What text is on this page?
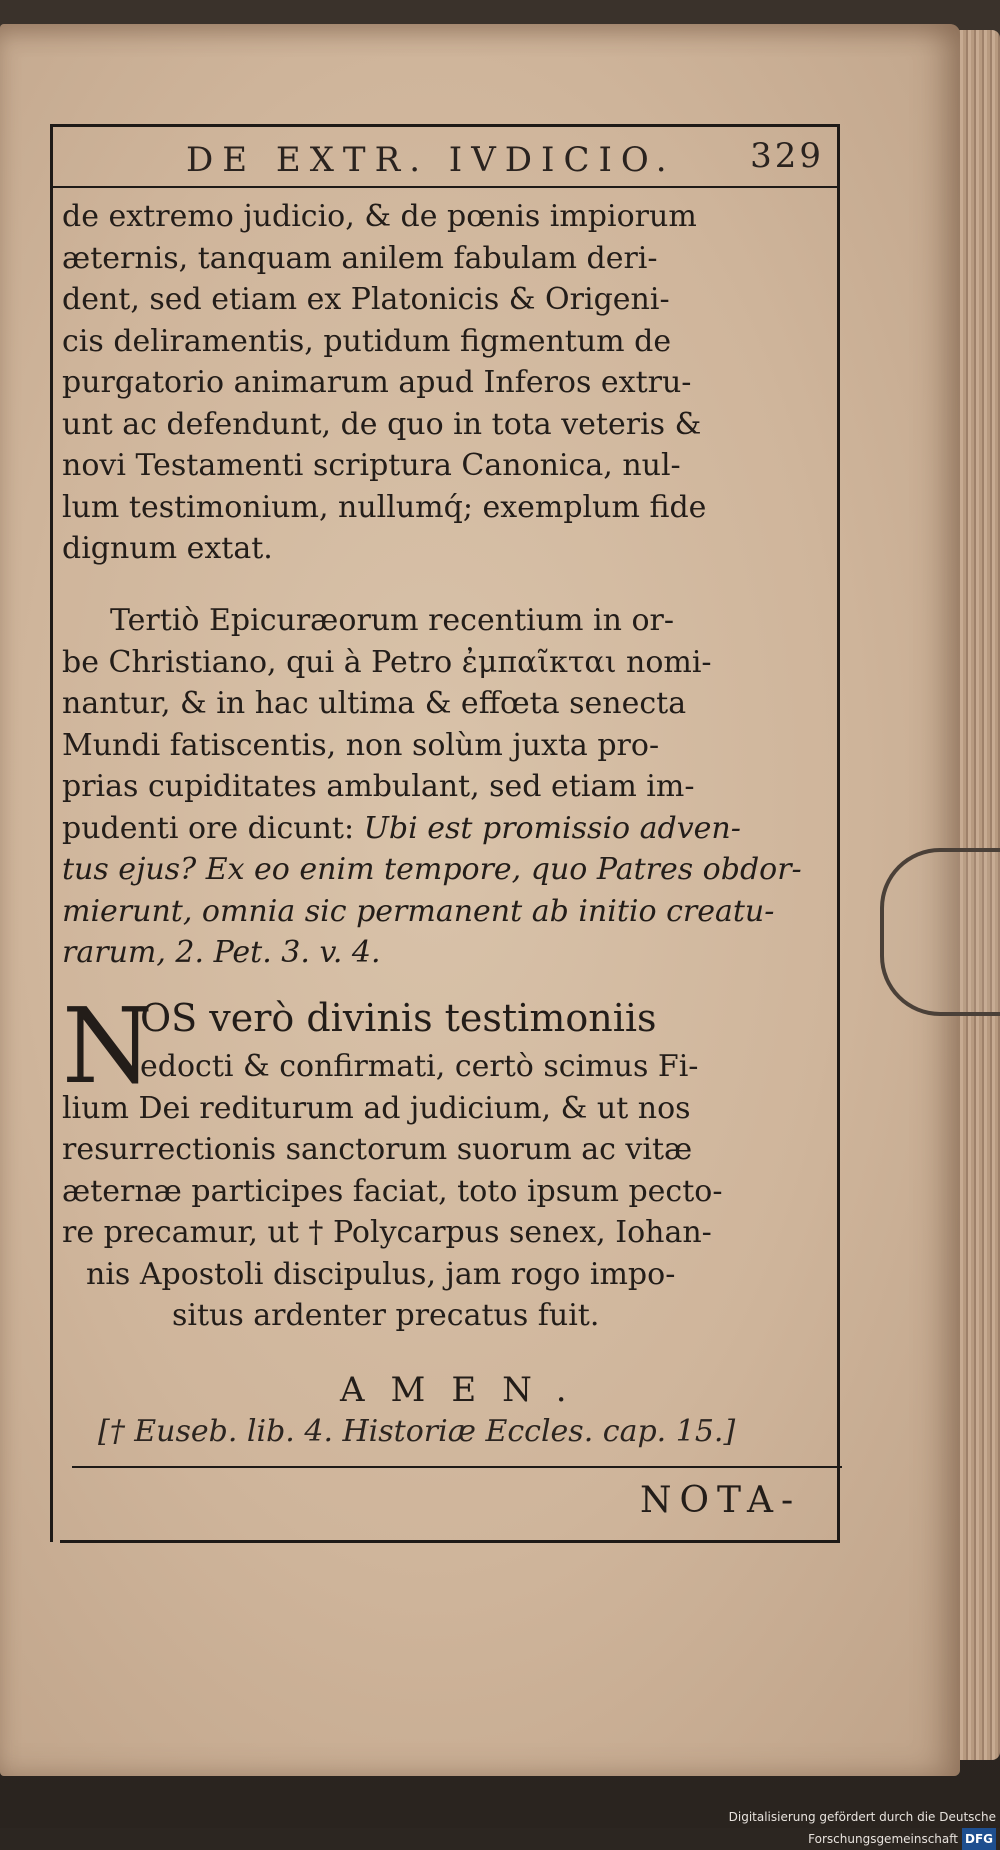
DE EXTR. IVDICIO. 329
de extremo judicio, & de pœnis impiorum
æternis, tanquam anilem fabulam deri-
dent, sed etiam ex Platonicis & Origeni-
cis deliramentis, putidum figmentum de
purgatorio animarum apud Inferos extru-
unt ac defendunt, de quo in tota veteris &
novi Testamenti scriptura Canonica, nul-
lum testimonium, nullumq́; exemplum fide
dignum extat.
Tertiò Epicuræorum recentium in or-
be Christiano, qui à Petro ἐμπαῖκται nomi-
nantur, & in hac ultima & effœta senecta
Mundi fatiscentis, non solùm juxta pro-
prias cupiditates ambulant, sed etiam im-
pudenti ore dicunt: Ubi est promissio adven-
tus ejus? Ex eo enim tempore, quo Patres obdor-
mierunt, omnia sic permanent ab initio creatu-
rarum, 2. Pet. 3. v. 4.
N
OS verò divinis testimoniis
edocti & confirmati, certò scimus Fi-
lium Dei rediturum ad judicium, & ut nos
resurrectionis sanctorum suorum ac vitæ
æternæ participes faciat, toto ipsum pecto-
re precamur, ut † Polycarpus senex, Iohan-
nis Apostoli discipulus, jam rogo impo-
situs ardenter precatus fuit.
AMEN.
[† Euseb. lib. 4. Historiæ Eccles. cap. 15.]
NOTA-
Digitalisierung gefördert durch die Deutsche Forschungsgemeinschaft DFG
